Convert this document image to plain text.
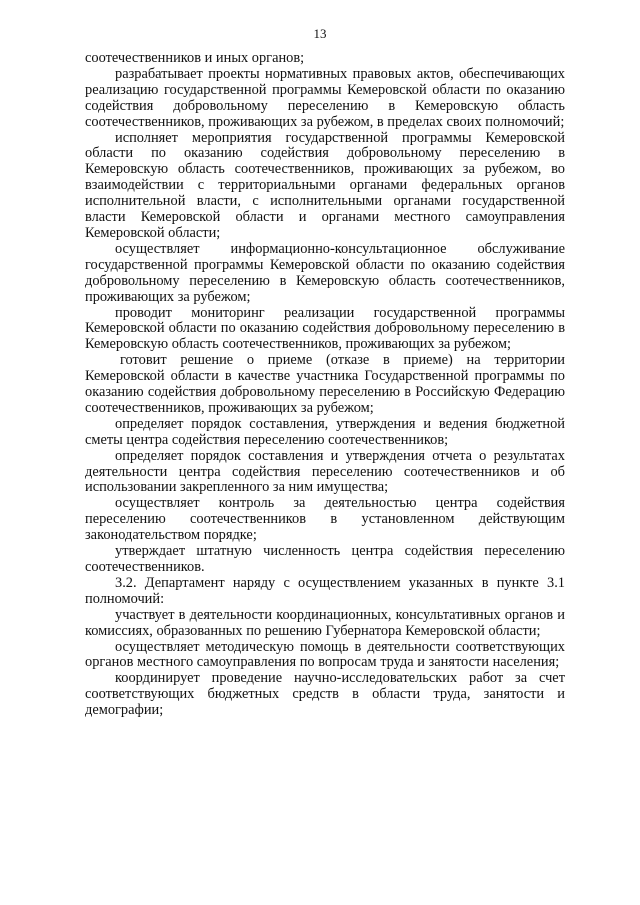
13

соотечественников и иных органов;

разрабатывает проекты нормативных правовых актов, обеспечивающих реализацию государственной программы Кемеровской области по оказанию содействия добровольному переселению в Кемеровскую область соотечественников, проживающих за рубежом, в пределах своих полномочий;

исполняет мероприятия государственной программы Кемеровской области по оказанию содействия добровольному переселению в Кемеровскую область соотечественников, проживающих за рубежом, во взаимодействии с территориальными органами федеральных органов исполнительной власти, с исполнительными органами государственной власти Кемеровской области и органами местного самоуправления Кемеровской области;

осуществляет информационно-консультационное обслуживание государственной программы Кемеровской области по оказанию содействия добровольному переселению в Кемеровскую область соотечественников, проживающих за рубежом;

проводит мониторинг реализации государственной программы Кемеровской области по оказанию содействия добровольному переселению в Кемеровскую область соотечественников, проживающих за рубежом;

готовит решение о приеме (отказе в приеме) на территории Кемеровской области в качестве участника Государственной программы по оказанию содействия добровольному переселению в Российскую Федерацию соотечественников, проживающих за рубежом;

определяет порядок составления, утверждения и ведения бюджетной сметы центра содействия переселению соотечественников;

определяет порядок составления и утверждения отчета о результатах деятельности центра содействия переселению соотечественников и об использовании закрепленного за ним имущества;

осуществляет контроль за деятельностью центра содействия переселению соотечественников в установленном действующим законодательством порядке;

утверждает штатную численность центра содействия переселению соотечественников.

3.2. Департамент наряду с осуществлением указанных в пункте 3.1 полномочий:

участвует в деятельности координационных, консультативных органов и комиссиях, образованных по решению Губернатора Кемеровской области;

осуществляет методическую помощь в деятельности соответствующих органов местного самоуправления по вопросам труда и занятости населения;

координирует проведение научно-исследовательских работ за счет соответствующих бюджетных средств в области труда, занятости и демографии;
